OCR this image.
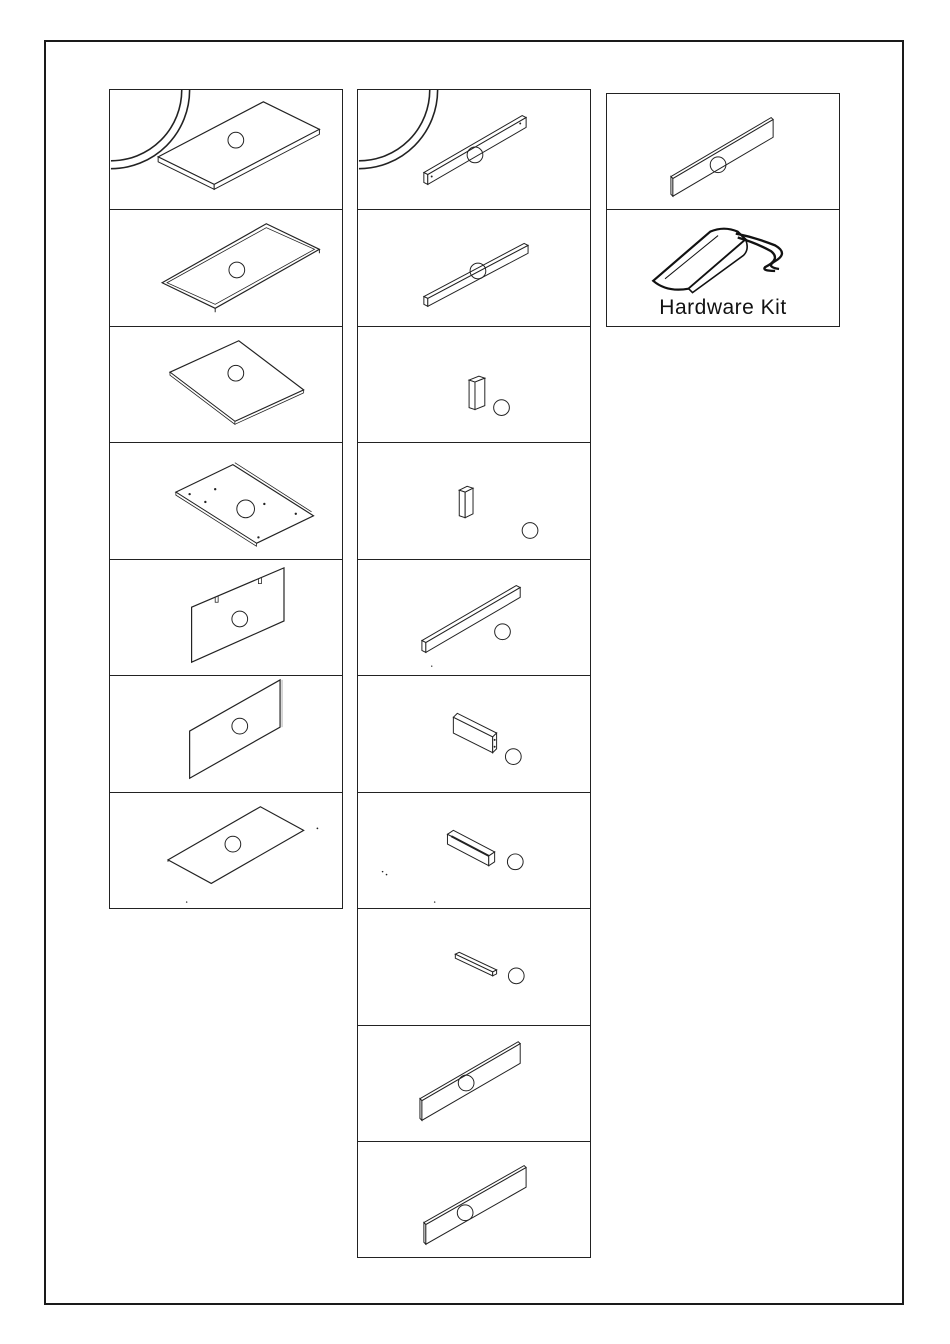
Hardware Kit
